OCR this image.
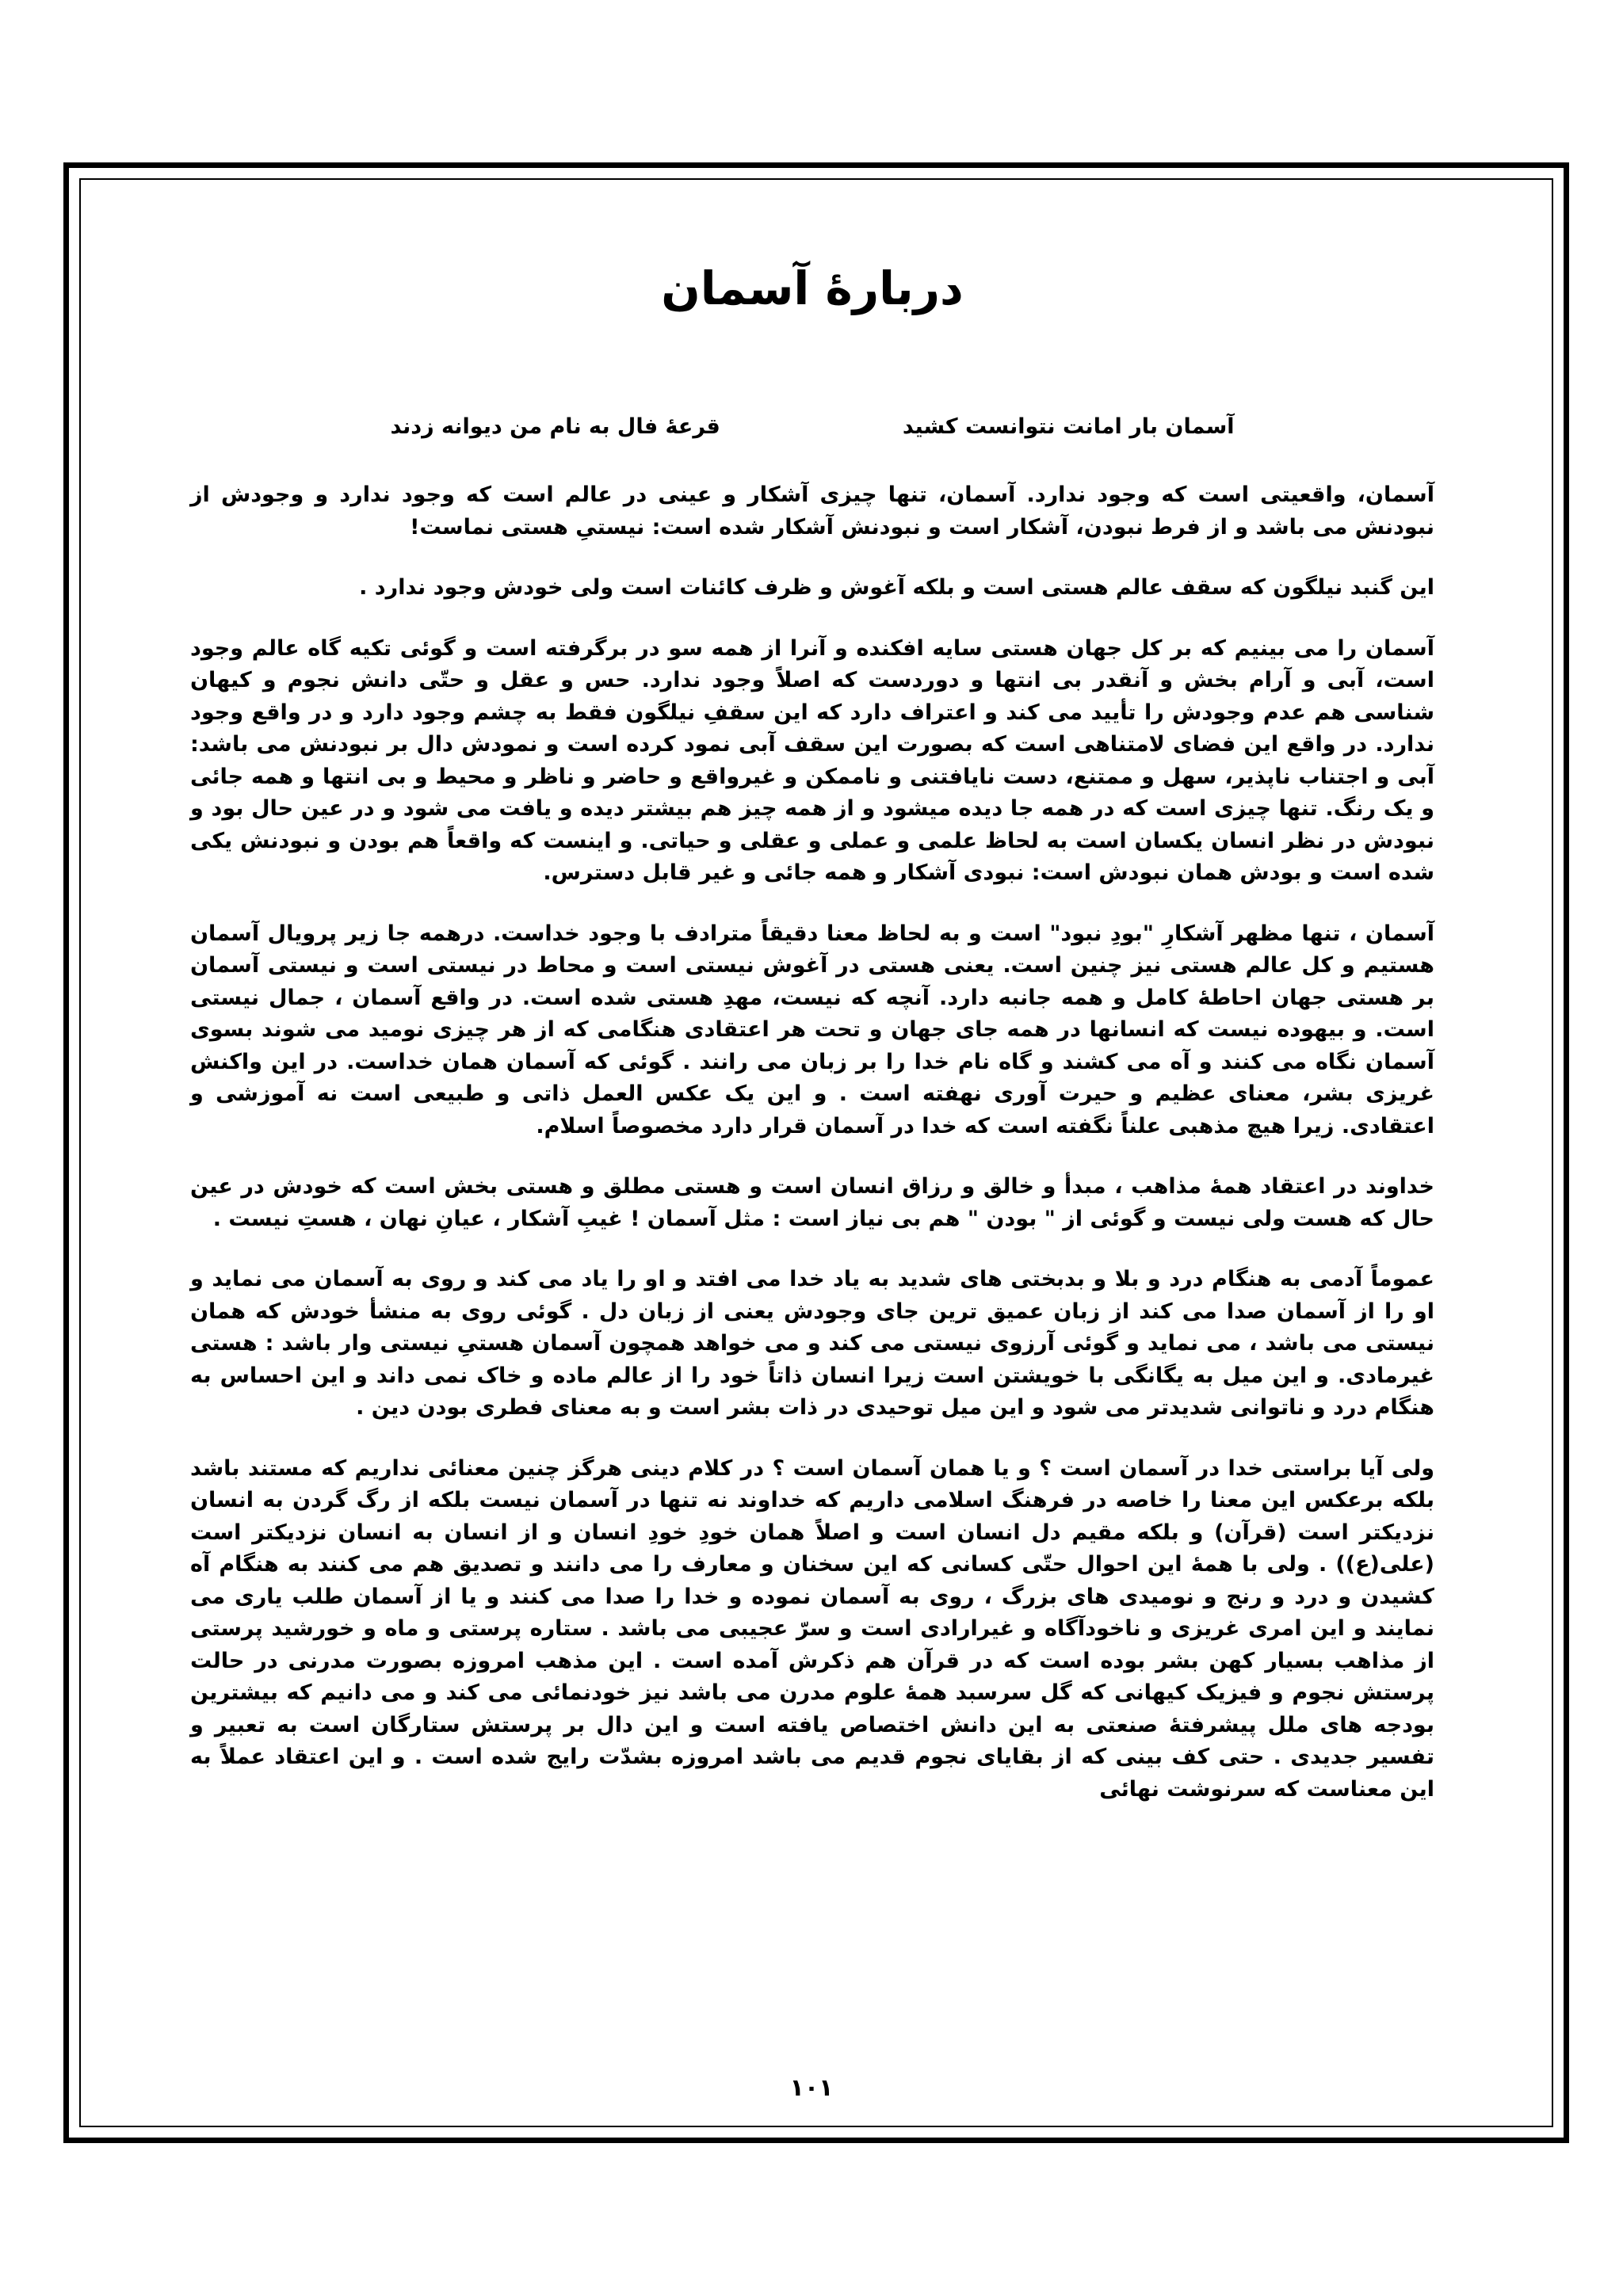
دربارهٔ آسمان
آسمان بار امانت نتوانست کشید
قرعهٔ فال به نام من دیوانه زدند

آسمان، واقعیتی است که وجود ندارد. آسمان، تنها چیزی آشکار و عینی در عالم است که وجود ندارد و وجودش از نبودنش می باشد و از فرط نبودن، آشکار است و نبودنش آشکار شده است: نیستیِ هستی نماست!

این گنبد نیلگون که سقف عالم هستی است و بلکه آغوش و ظرف کائنات است ولی خودش وجود ندارد .

آسمان را می بینیم که بر کل جهان هستی سایه افکنده و آنرا از همه سو در برگرفته است و گوئی تکیه گاه عالم وجود است، آبی و آرام بخش و آنقدر بی انتها و دوردست که اصلاً وجود ندارد. حس و عقل و حتّی دانش نجوم و کیهان شناسی هم عدم وجودش را تأیید می کند و اعتراف دارد که این سقفِ نیلگون فقط به چشم وجود دارد و در واقع وجود ندارد. در واقع این فضای لامتناهی است که بصورت این سقف آبی نمود کرده است و نمودش دال بر نبودنش می باشد: آبی و اجتناب ناپذیر، سهل و ممتنع، دست نایافتنی و ناممکن و غیرواقع و حاضر و ناظر و محیط و بی انتها و همه جائی و یک رنگ. تنها چیزی است که در همه جا دیده میشود و از همه چیز هم بیشتر دیده و یافت می شود و در عین حال بود و نبودش در نظر انسان یکسان است به لحاظ علمی و عملی و عقلی و حیاتی. و اینست که واقعاً هم بودن و نبودنش یکی شده است و بودش همان نبودش است: نبودی آشکار و همه جائی و غیر قابل دسترس.

آسمان ، تنها مظهر آشکارِ "بودِ نبود" است و به لحاظ معنا دقیقاً مترادف با وجود خداست. درهمه جا زیر پرویال آسمان هستیم و کل عالم هستی نیز چنین است. یعنی هستی در آغوش نیستی است و محاط در نیستی است و نیستی آسمان بر هستی جهان احاطهٔ کامل و همه جانبه دارد. آنچه که نیست، مهدِ هستی شده است. در واقع آسمان ، جمال نیستی است. و بیهوده نیست که انسانها در همه جای جهان و تحت هر اعتقادی هنگامی که از هر چیزی نومید می شوند بسوی آسمان نگاه می کنند و آه می کشند و گاه نام خدا را بر زبان می رانند . گوئی که آسمان همان خداست. در این واکنش غریزی بشر، معنای عظیم و حیرت آوری نهفته است . و این یک عکس العمل ذاتی و طبیعی است نه آموزشی و اعتقادی. زیرا هیچ مذهبی علناً نگفته است که خدا در آسمان قرار دارد مخصوصاً اسلام.

خداوند در اعتقاد همهٔ مذاهب ، مبدأ و خالق و رزاق انسان است و هستی مطلق و هستی بخش است که خودش در عین حال که هست ولی نیست و گوئی از " بودن " هم بی نیاز است : مثل آسمان ! غیبِ آشکار ، عیانِ نهان ، هستِ نیست .

عموماً آدمی به هنگام درد و بلا و بدبختی های شدید به یاد خدا می افتد و او را یاد می کند و روی به آسمان می نماید و او را از آسمان صدا می کند از زبان عمیق ترین جای وجودش یعنی از زبان دل . گوئی روی به منشأ خودش که همان نیستی می باشد ، می نماید و گوئی آرزوی نیستی می کند و می خواهد همچون آسمان هستیِ نیستی وار باشد : هستی غیرمادی. و این میل به یگانگی با خویشتن است زیرا انسان ذاتاً خود را از عالم ماده و خاک نمی داند و این احساس به هنگام درد و ناتوانی شدیدتر می شود و این میل توحیدی در ذات بشر است و به معنای فطری بودن دین .

ولی آیا براستی خدا در آسمان است ؟ و یا همان آسمان است ؟ در کلام دینی هرگز چنین معنائی نداریم که مستند باشد بلکه برعکس این معنا را خاصه در فرهنگ اسلامی داریم که خداوند نه تنها در آسمان نیست بلکه از رگ گردن به انسان نزدیکتر است (قرآن) و بلکه مقیم دل انسان است و اصلاً همان خودِ خودِ انسان و از انسان به انسان نزدیکتر است (علی(ع)) . ولی با همهٔ این احوال حتّی کسانی که این سخنان و معارف را می دانند و تصدیق هم می کنند به هنگام آه کشیدن و درد و رنج و نومیدی های بزرگ ، روی به آسمان نموده و خدا را صدا می کنند و یا از آسمان طلب یاری می نمایند و این امری غریزی و ناخودآگاه و غیرارادی است و سرّ عجیبی می باشد . ستاره پرستی و ماه و خورشید پرستی از مذاهب بسیار کهن بشر بوده است که در قرآن هم ذکرش آمده است . این مذهب امروزه بصورت مدرنی در حالت پرستش نجوم و فیزیک کیهانی که گل سرسبد همهٔ علوم مدرن می باشد نیز خودنمائی می کند و می دانیم که بیشترین بودجه های ملل پیشرفتهٔ صنعتی به این دانش اختصاص یافته است و این دال بر پرستش ستارگان است به تعبیر و تفسیر جدیدی . حتی کف بینی که از بقایای نجوم قدیم می باشد امروزه بشدّت رایج شده است . و این اعتقاد عملاً به این معناست که سرنوشت نهائی

۱۰۱
